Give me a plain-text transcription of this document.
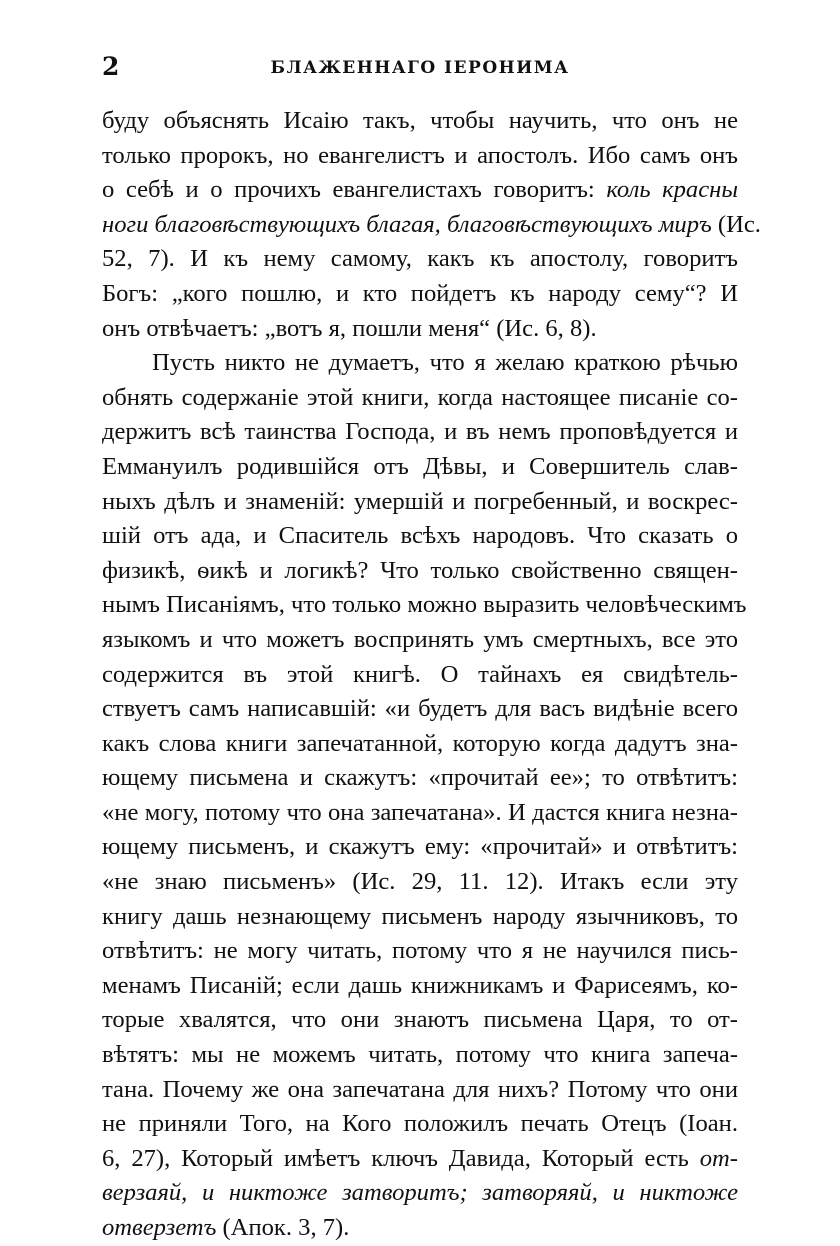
2	БЛАЖЕННАГО ІЕРОНИМА
буду объяснять Исаію такъ, чтобы научить, что онъ не
только пророкъ, но евангелистъ и апостолъ. Ибо самъ онъ
о себѣ и о прочихъ евангелистахъ говоритъ: коль красны
ноги благовѣствующихъ благая, благовѣствующихъ миръ (Ис.
52, 7). И къ нему самому, какъ къ апостолу, говоритъ
Богъ: „кого пошлю, и кто пойдетъ къ народу сему“? И
онъ отвѣчаетъ: „вотъ я, пошли меня“ (Ис. 6, 8).
Пусть никто не думаетъ, что я желаю краткою рѣчью
обнять содержаніе этой книги, когда настоящее писаніе со-
держитъ всѣ таинства Господа, и въ немъ проповѣдуется и
Еммануилъ родившійся отъ Дѣвы, и Совершитель слав-
ныхъ дѣлъ и знаменій: умершій и погребенный, и воскрес-
шій отъ ада, и Спаситель всѣхъ народовъ. Что сказать о
физикѣ, ѳикѣ и логикѣ? Что только свойственно священ-
нымъ Писаніямъ, что только можно выразить человѣческимъ
языкомъ и что можетъ воспринять умъ смертныхъ, все это
содержится въ этой книгѣ. О тайнахъ ея свидѣтель-
ствуетъ самъ написавшій: «и будетъ для васъ видѣніе всего
какъ слова книги запечатанной, которую когда дадутъ зна-
ющему письмена и скажутъ: «прочитай ее»; то отвѣтитъ:
«не могу, потому что она запечатана». И дастся книга незна-
ющему письменъ, и скажутъ ему: «прочитай» и отвѣтитъ:
«не знаю письменъ» (Ис. 29, 11. 12). Итакъ если эту
книгу дашь незнающему письменъ народу язычниковъ, то
отвѣтитъ: не могу читать, потому что я не научился пись-
менамъ Писаній; если дашь книжникамъ и Фарисеямъ, ко-
торые хвалятся, что они знаютъ письмена Царя, то от-
вѣтятъ: мы не можемъ читать, потому что книга запеча-
тана. Почему же она запечатана для нихъ? Потому что они
не приняли Того, на Кого положилъ печать Отецъ (Іоан.
6, 27), Который имѣетъ ключъ Давида, Который есть от-
верзаяй, и никтоже затворитъ; затворяяй, и никтоже
отверзетъ (Апок. 3, 7).
